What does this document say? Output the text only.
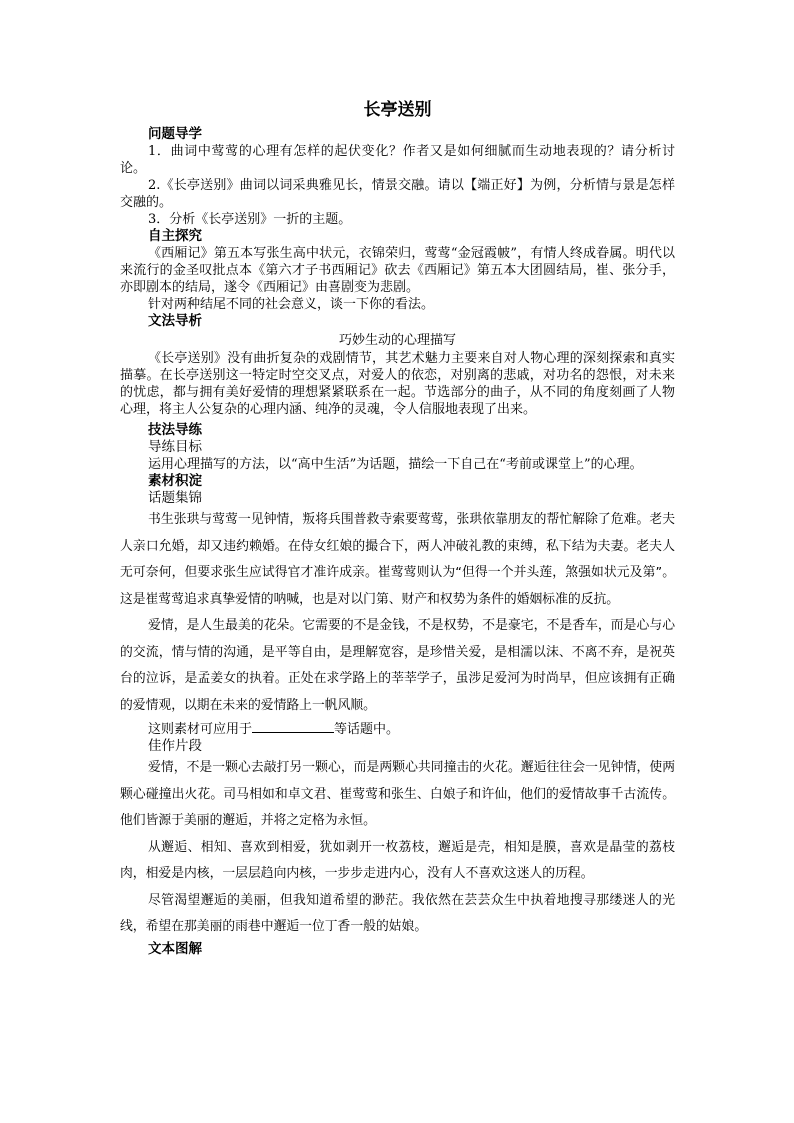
长亭送别
问题导学

1．曲词中莺莺的心理有怎样的起伏变化？作者又是如何细腻而生动地表现的？请分析讨论。

2.《长亭送别》曲词以词采典雅见长，情景交融。请以【端正好】为例，分析情与景是怎样交融的。

3．分析《长亭送别》一折的主题。

自主探究

《西厢记》第五本写张生高中状元，衣锦荣归，莺莺“金冠霞帔”，有情人终成眷属。明代以来流行的金圣叹批点本《第六才子书西厢记》砍去《西厢记》第五本大团圆结局，崔、张分手，亦即剧本的结局，遂令《西厢记》由喜剧变为悲剧。

针对两种结尾不同的社会意义，谈一下你的看法。

文法导析
巧妙生动的心理描写

《长亭送别》没有曲折复杂的戏剧情节，其艺术魅力主要来自对人物心理的深刻探索和真实描摹。在长亭送别这一特定时空交叉点，对爱人的依恋，对别离的悲戚，对功名的怨恨，对未来的忧虑，都与拥有美好爱情的理想紧紧联系在一起。节选部分的曲子，从不同的角度刻画了人物心理，将主人公复杂的心理内涵、纯净的灵魂，令人信服地表现了出来。

技法导练
导练目标

运用心理描写的方法，以“高中生活”为话题，描绘一下自己在“考前或课堂上”的心理。

素材积淀
话题集锦

书生张珙与莺莺一见钟情，叛将兵围普救寺索要莺莺，张珙依靠朋友的帮忙解除了危难。老夫人亲口允婚，却又违约赖婚。在侍女红娘的撮合下，两人冲破礼教的束缚，私下结为夫妻。老夫人无可奈何，但要求张生应试得官才准许成亲。崔莺莺则认为“但得一个并头莲，煞强如状元及第”。这是崔莺莺追求真挚爱情的呐喊，也是对以门第、财产和权势为条件的婚姻标准的反抗。

爱情，是人生最美的花朵。它需要的不是金钱，不是权势，不是豪宅，不是香车，而是心与心的交流，情与情的沟通，是平等自由，是理解宽容，是珍惜关爱，是相濡以沫、不离不弃，是祝英台的泣诉，是孟姜女的执着。正处在求学路上的莘莘学子，虽涉足爱河为时尚早，但应该拥有正确的爱情观，以期在未来的爱情路上一帆风顺。

这则素材可应用于	等话题中。

佳作片段

爱情，不是一颗心去敲打另一颗心，而是两颗心共同撞击的火花。邂逅往往会一见钟情，使两颗心碰撞出火花。司马相如和卓文君、崔莺莺和张生、白娘子和许仙，他们的爱情故事千古流传。他们皆源于美丽的邂逅，并将之定格为永恒。

从邂逅、相知、喜欢到相爱，犹如剥开一枚荔枝，邂逅是壳，相知是膜，喜欢是晶莹的荔枝肉，相爱是内核，一层层趋向内核，一步步走进内心，没有人不喜欢这迷人的历程。

尽管渴望邂逅的美丽，但我知道希望的渺茫。我依然在芸芸众生中执着地搜寻那缕迷人的光线，希望在那美丽的雨巷中邂逅一位丁香一般的姑娘。

文本图解
